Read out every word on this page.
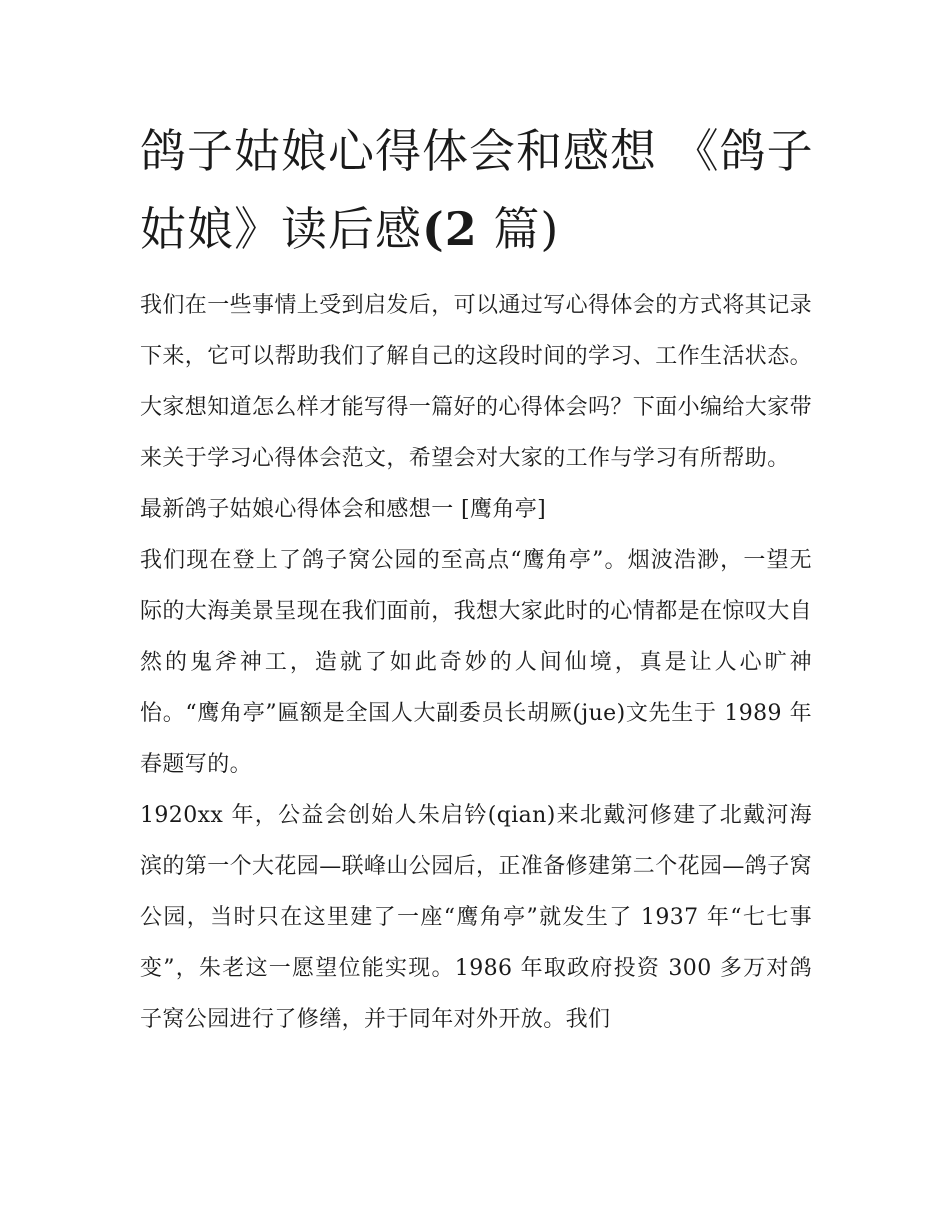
鸽子姑娘心得体会和感想 《鸽子姑娘》读后感(2 篇)

我们在一些事情上受到启发后，可以通过写心得体会的方式将其记录下来，它可以帮助我们了解自己的这段时间的学习、工作生活状态。大家想知道怎么样才能写得一篇好的心得体会吗？下面小编给大家带来关于学习心得体会范文，希望会对大家的工作与学习有所帮助。

最新鸽子姑娘心得体会和感想一 [鹰角亭]

我们现在登上了鸽子窝公园的至高点“鹰角亭”。烟波浩渺，一望无际的大海美景呈现在我们面前，我想大家此时的心情都是在惊叹大自然的鬼斧神工，造就了如此奇妙的人间仙境，真是让人心旷神怡。“鹰角亭”匾额是全国人大副委员长胡厥(jue)文先生于 1989 年春题写的。

1920xx 年，公益会创始人朱启钤(qian)来北戴河修建了北戴河海滨的第一个大花园—联峰山公园后，正准备修建第二个花园—鸽子窝公园，当时只在这里建了一座“鹰角亭”就发生了 1937 年“七七事变”，朱老这一愿望位能实现。1986 年取政府投资 300 多万对鸽子窝公园进行了修缮，并于同年对外开放。我们
